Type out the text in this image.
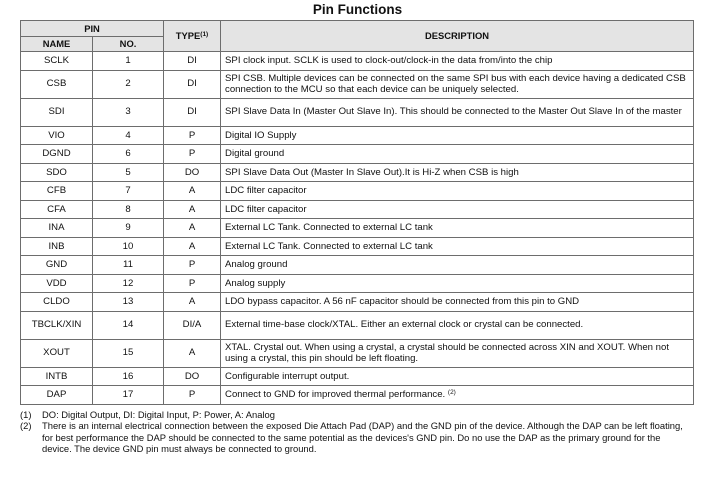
Pin Functions
PIN		TYPE$^{(1)}$	DESCRIPTION
NAME	NO.		
SCLK	1	DI	SPI clock input. SCLK is used to clock-out/clock-in the data from/into the chip
CSB	2	DI	SPI CSB. Multiple devices can be connected on the same SPI bus with each device having a dedicated CSB connection to the MCU so that each device can be uniquely selected.
SDI	3	DI	SPI Slave Data In (Master Out Slave In). This should be connected to the Master Out Slave In of the master
VIO	4	P	Digital IO Supply
DGND	6	P	Digital ground
SDO	5	DO	SPI Slave Data Out (Master In Slave Out).It is Hi-Z when CSB is high
CFB	7	A	LDC filter capacitor
CFA	8	A	LDC filter capacitor
INA	9	A	External LC Tank. Connected to external LC tank
INB	10	A	External LC Tank. Connected to external LC tank
GND	11	P	Analog ground
VDD	12	P	Analog supply
CLDO	13	A	LDO bypass capacitor. A 56 nF capacitor should be connected from this pin to GND
TBCLK/XIN	14	DI/A	External time-base clock/XTAL. Either an external clock or crystal can be connected.
XOUT	15	A	XTAL. Crystal out. When using a crystal, a crystal should be connected across XIN and XOUT. When not using a crystal, this pin should be left floating.
INTB	16	DO	Configurable interrupt output.
DAP	17	P	Connect to GND for improved thermal performance. $^{(2)}$
(1)	DO: Digital Output, DI: Digital Input, P: Power, A: Analog
(2)	There is an internal electrical connection between the exposed Die Attach Pad (DAP) and the GND pin of the device. Although the DAP can be left floating, for best performance the DAP should be connected to the same potential as the devices's GND pin. Do no use the DAP as the primary ground for the device. The device GND pin must always be connected to ground.
